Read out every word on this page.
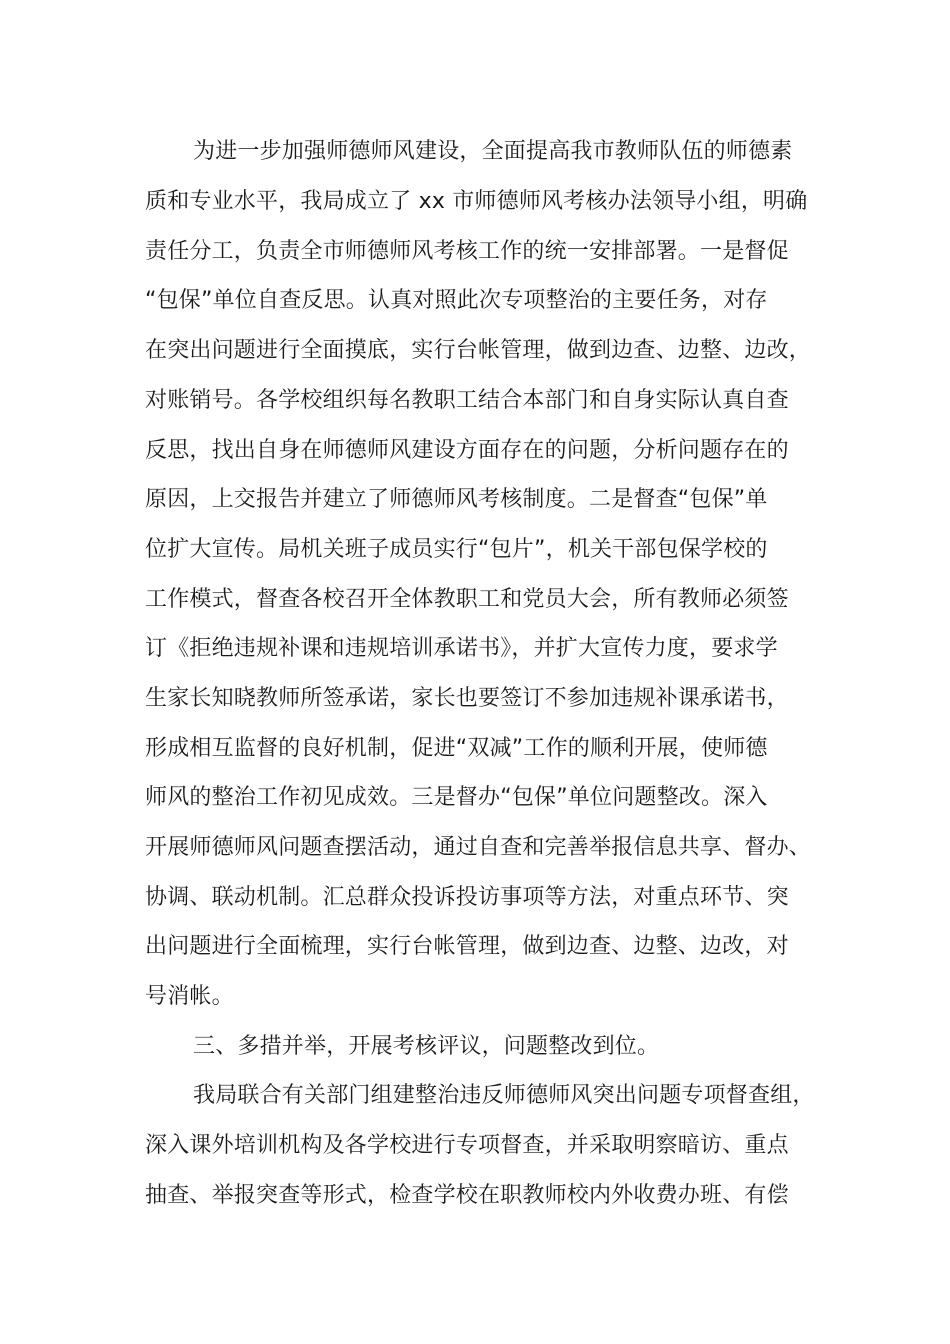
为进一步加强师德师风建设，全面提高我市教师队伍的师德素
质和专业水平，我局成立了 xx 市师德师风考核办法领导小组，明确
责任分工，负责全市师德师风考核工作的统一安排部署。一是督促
“包保”单位自查反思。认真对照此次专项整治的主要任务，对存
在突出问题进行全面摸底，实行台帐管理，做到边查、边整、边改，
对账销号。各学校组织每名教职工结合本部门和自身实际认真自查
反思，找出自身在师德师风建设方面存在的问题，分析问题存在的
原因，上交报告并建立了师德师风考核制度。二是督查“包保”单
位扩大宣传。局机关班子成员实行“包片”，机关干部包保学校的
工作模式，督查各校召开全体教职工和党员大会，所有教师必须签
订《拒绝违规补课和违规培训承诺书》，并扩大宣传力度，要求学
生家长知晓教师所签承诺，家长也要签订不参加违规补课承诺书，
形成相互监督的良好机制，促进“双减”工作的顺利开展，使师德
师风的整治工作初见成效。三是督办“包保”单位问题整改。深入
开展师德师风问题查摆活动，通过自查和完善举报信息共享、督办、
协调、联动机制。汇总群众投诉投访事项等方法，对重点环节、突
出问题进行全面梳理，实行台帐管理，做到边查、边整、边改，对
号消帐。
三、多措并举，开展考核评议，问题整改到位。
我局联合有关部门组建整治违反师德师风突出问题专项督查组，
深入课外培训机构及各学校进行专项督查，并采取明察暗访、重点
抽查、举报突查等形式，检查学校在职教师校内外收费办班、有偿
